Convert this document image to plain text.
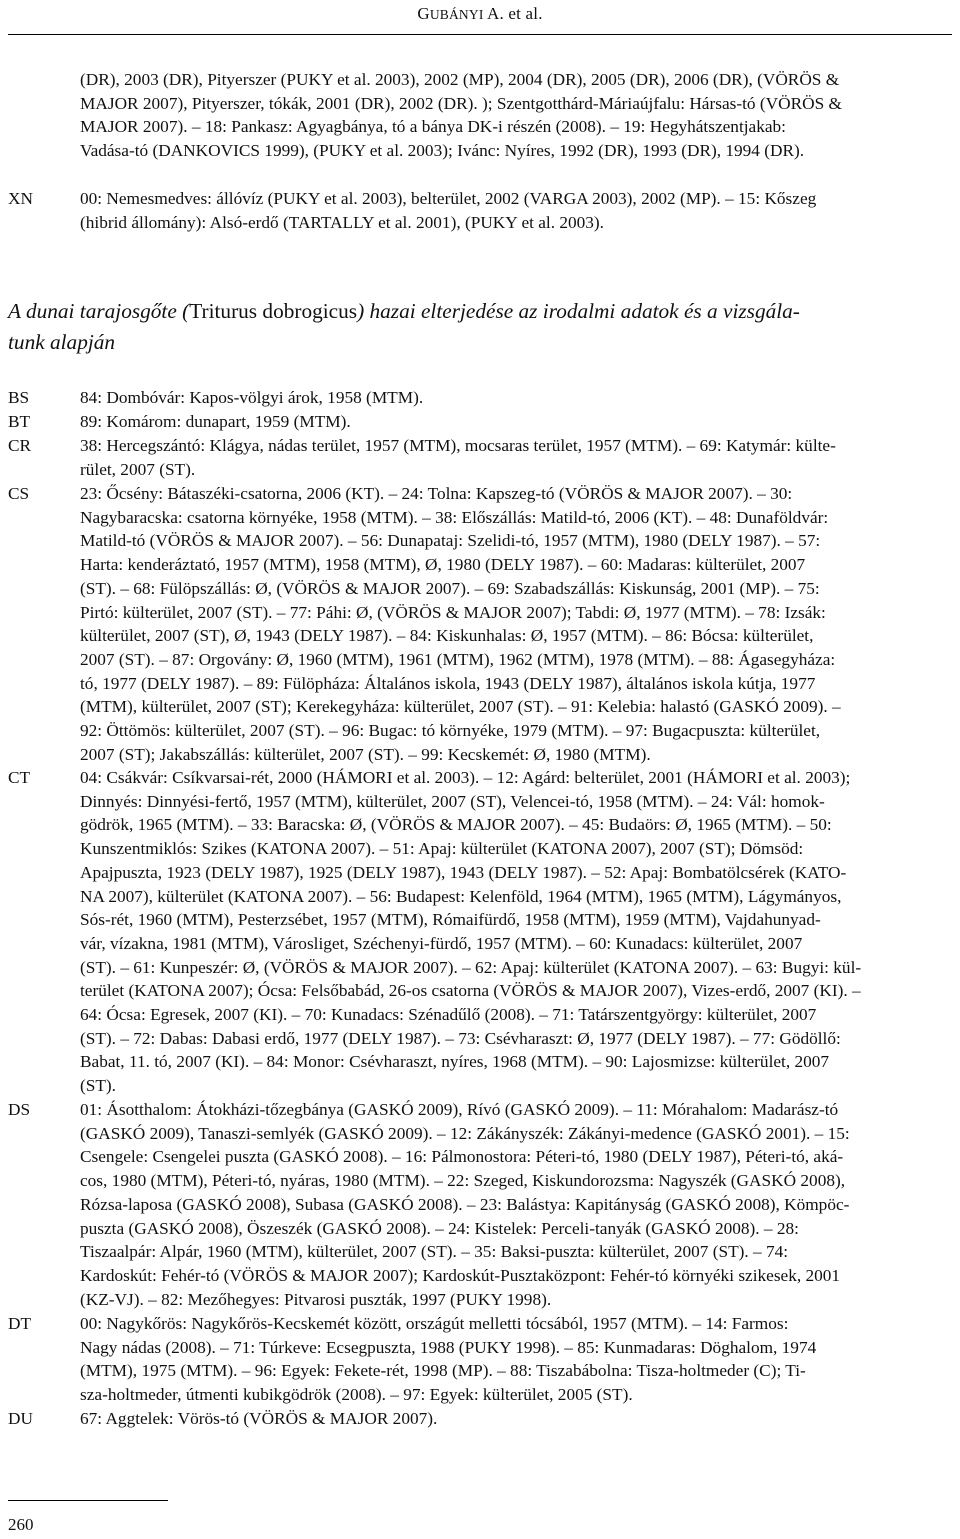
GUBÁNYI A. et al.
(DR), 2003 (DR), Pityerszer (PUKY et al. 2003), 2002 (MP), 2004 (DR), 2005 (DR), 2006 (DR), (VÖRÖS &
MAJOR 2007), Pityerszer, tókák, 2001 (DR), 2002 (DR). ); Szentgotthárd-Máriaújfalu: Hársas-tó (VÖRÖS &
MAJOR 2007). – 18: Pankasz: Agyagbánya, tó a bánya DK-i részén (2008). – 19: Hegyhátszentjakab:
Vadása-tó (DANKOVICS 1999), (PUKY et al. 2003); Ivánc: Nyíres, 1992 (DR), 1993 (DR), 1994 (DR).
XN	00: Nemesmedves: állóvíz (PUKY et al. 2003), belterület, 2002 (VARGA 2003), 2002 (MP). – 15: Kőszeg
(hibrid állomány): Alsó-erdő (TARTALLY et al. 2001), (PUKY et al. 2003).
A dunai tarajosgőte (Triturus dobrogicus) hazai elterjedése az irodalmi adatok és a vizsgála-
tunk alapján
BS	84: Dombóvár: Kapos-völgyi árok, 1958 (MTM).
BT	89: Komárom: dunapart, 1959 (MTM).
CR	38: Hercegszántó: Klágya, nádas terület, 1957 (MTM), mocsaras terület, 1957 (MTM). – 69: Katymár: külte-
rület, 2007 (ST).
CS	23: Őcsény: Bátaszéki-csatorna, 2006 (KT). – 24: Tolna: Kapszeg-tó (VÖRÖS & MAJOR 2007). – 30:
Nagybaracska: csatorna környéke, 1958 (MTM). – 38: Előszállás: Matild-tó, 2006 (KT). – 48: Dunaföldvár:
Matild-tó (VÖRÖS & MAJOR 2007). – 56: Dunapataj: Szelidi-tó, 1957 (MTM), 1980 (DELY 1987). – 57:
Harta: kenderáztató, 1957 (MTM), 1958 (MTM), Ø, 1980 (DELY 1987). – 60: Madaras: külterület, 2007
(ST). – 68: Fülöpszállás: Ø, (VÖRÖS & MAJOR 2007). – 69: Szabadszállás: Kiskunság, 2001 (MP). – 75:
Pirtó: külterület, 2007 (ST). – 77: Páhi: Ø, (VÖRÖS & MAJOR 2007); Tabdi: Ø, 1977 (MTM). – 78: Izsák:
külterület, 2007 (ST), Ø, 1943 (DELY 1987). – 84: Kiskunhalas: Ø, 1957 (MTM). – 86: Bócsa: külterület,
2007 (ST). – 87: Orgovány: Ø, 1960 (MTM), 1961 (MTM), 1962 (MTM), 1978 (MTM). – 88: Ágasegyháza:
tó, 1977 (DELY 1987). – 89: Fülöpháza: Általános iskola, 1943 (DELY 1987), általános iskola kútja, 1977
(MTM), külterület, 2007 (ST); Kerekegyháza: külterület, 2007 (ST). – 91: Kelebia: halastó (GASKÓ 2009). –
92: Öttömös: külterület, 2007 (ST). – 96: Bugac: tó környéke, 1979 (MTM). – 97: Bugacpuszta: külterület,
2007 (ST); Jakabszállás: külterület, 2007 (ST). – 99: Kecskemét: Ø, 1980 (MTM).
CT	04: Csákvár: Csíkvarsai-rét, 2000 (HÁMORI et al. 2003). – 12: Agárd: belterület, 2001 (HÁMORI et al. 2003);
Dinnyés: Dinnyési-fertő, 1957 (MTM), külterület, 2007 (ST), Velencei-tó, 1958 (MTM). – 24: Vál: homok-
gödrök, 1965 (MTM). – 33: Baracska: Ø, (VÖRÖS & MAJOR 2007). – 45: Budaörs: Ø, 1965 (MTM). – 50:
Kunszentmiklós: Szikes (KATONA 2007). – 51: Apaj: külterület (KATONA 2007), 2007 (ST); Dömsöd:
Apajpuszta, 1923 (DELY 1987), 1925 (DELY 1987), 1943 (DELY 1987). – 52: Apaj: Bombatölcsérek (KATO-
NA 2007), külterület (KATONA 2007). – 56: Budapest: Kelenföld, 1964 (MTM), 1965 (MTM), Lágymányos,
Sós-rét, 1960 (MTM), Pesterzsébet, 1957 (MTM), Rómaifürdő, 1958 (MTM), 1959 (MTM), Vajdahunyad-
vár, vízakna, 1981 (MTM), Városliget, Széchenyi-fürdő, 1957 (MTM). – 60: Kunadacs: külterület, 2007
(ST). – 61: Kunpeszér: Ø, (VÖRÖS & MAJOR 2007). – 62: Apaj: külterület (KATONA 2007). – 63: Bugyi: kül-
terület (KATONA 2007); Ócsa: Felsőbabád, 26-os csatorna (VÖRÖS & MAJOR 2007), Vizes-erdő, 2007 (KI). –
64: Ócsa: Egresek, 2007 (KI). – 70: Kunadacs: Szénadűlő (2008). – 71: Tatárszentgyörgy: külterület, 2007
(ST). – 72: Dabas: Dabasi erdő, 1977 (DELY 1987). – 73: Csévharaszt: Ø, 1977 (DELY 1987). – 77: Gödöllő:
Babat, 11. tó, 2007 (KI). – 84: Monor: Csévharaszt, nyíres, 1968 (MTM). – 90: Lajosmizse: külterület, 2007
(ST).
DS	01: Ásotthalom: Átokházi-tőzegbánya (GASKÓ 2009), Rívó (GASKÓ 2009). – 11: Mórahalom: Madarász-tó
(GASKÓ 2009), Tanaszi-semlyék (GASKÓ 2009). – 12: Zákányszék: Zákányi-medence (GASKÓ 2001). – 15:
Csengele: Csengelei puszta (GASKÓ 2008). – 16: Pálmonostora: Péteri-tó, 1980 (DELY 1987), Péteri-tó, aká-
cos, 1980 (MTM), Péteri-tó, nyáras, 1980 (MTM). – 22: Szeged, Kiskundorozsma: Nagyszék (GASKÓ 2008),
Rózsa-laposa (GASKÓ 2008), Subasa (GASKÓ 2008). – 23: Balástya: Kapitányság (GASKÓ 2008), Kömpöc-
puszta (GASKÓ 2008), Öszeszék (GASKÓ 2008). – 24: Kistelek: Perceli-tanyák (GASKÓ 2008). – 28:
Tiszaalpár: Alpár, 1960 (MTM), külterület, 2007 (ST). – 35: Baksi-puszta: külterület, 2007 (ST). – 74:
Kardoskút: Fehér-tó (VÖRÖS & MAJOR 2007); Kardoskút-Pusztaközpont: Fehér-tó környéki szikesek, 2001
(KZ-VJ). – 82: Mezőhegyes: Pitvarosi puszták, 1997 (PUKY 1998).
DT	00: Nagykőrös: Nagykőrös-Kecskemét között, országút melletti tócsából, 1957 (MTM). – 14: Farmos:
Nagy nádas (2008). – 71: Túrkeve: Ecsegpuszta, 1988 (PUKY 1998). – 85: Kunmadaras: Döghalom, 1974
(MTM), 1975 (MTM). – 96: Egyek: Fekete-rét, 1998 (MP). – 88: Tiszabábolna: Tisza-holtmeder (C); Ti-
sza-holtmeder, útmenti kubikgödrök (2008). – 97: Egyek: külterület, 2005 (ST).
DU	67: Aggtelek: Vörös-tó (VÖRÖS & MAJOR 2007).
260
